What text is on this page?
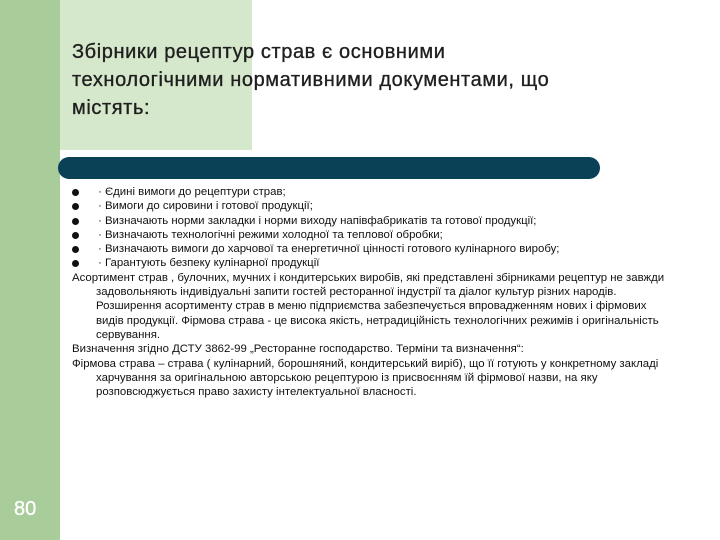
Збірники рецептур страв є основними
технологічними нормативними документами, що
містять:
· Єдині вимоги до рецептури страв;
· Вимоги до сировини і готової продукції;
· Визначають норми закладки і норми виходу напівфабрикатів та готової продукції;
· Визначають технологічні режими холодної та теплової обробки;
· Визначають вимоги до харчової та енергетичної цінності готового кулінарного виробу;
· Гарантують безпеку кулінарної продукції
Асортимент страв , булочних, мучних і кондитерських виробів, які представлені збірниками рецептур не завжди задовольняють індивідуальні запити гостей ресторанної індустрії та діалог культур різних народів. Розширення асортименту страв в меню підприємства забезпечується впровадженням нових і фірмових видів продукції. Фірмова страва - це висока якість, нетрадиційність технологічних режимів і оригінальність сервування.
Визначення згідно ДСТУ 3862-99 „Ресторанне господарство. Терміни та визначення“:
Фірмова страва – страва ( кулінарний, борошняний, кондитерський виріб), що її готують у конкретному закладі харчування за оригінальною авторською рецептурою із присвоєнням їй фірмової назви, на яку розповсюджується право захисту інтелектуальної власності.
80
